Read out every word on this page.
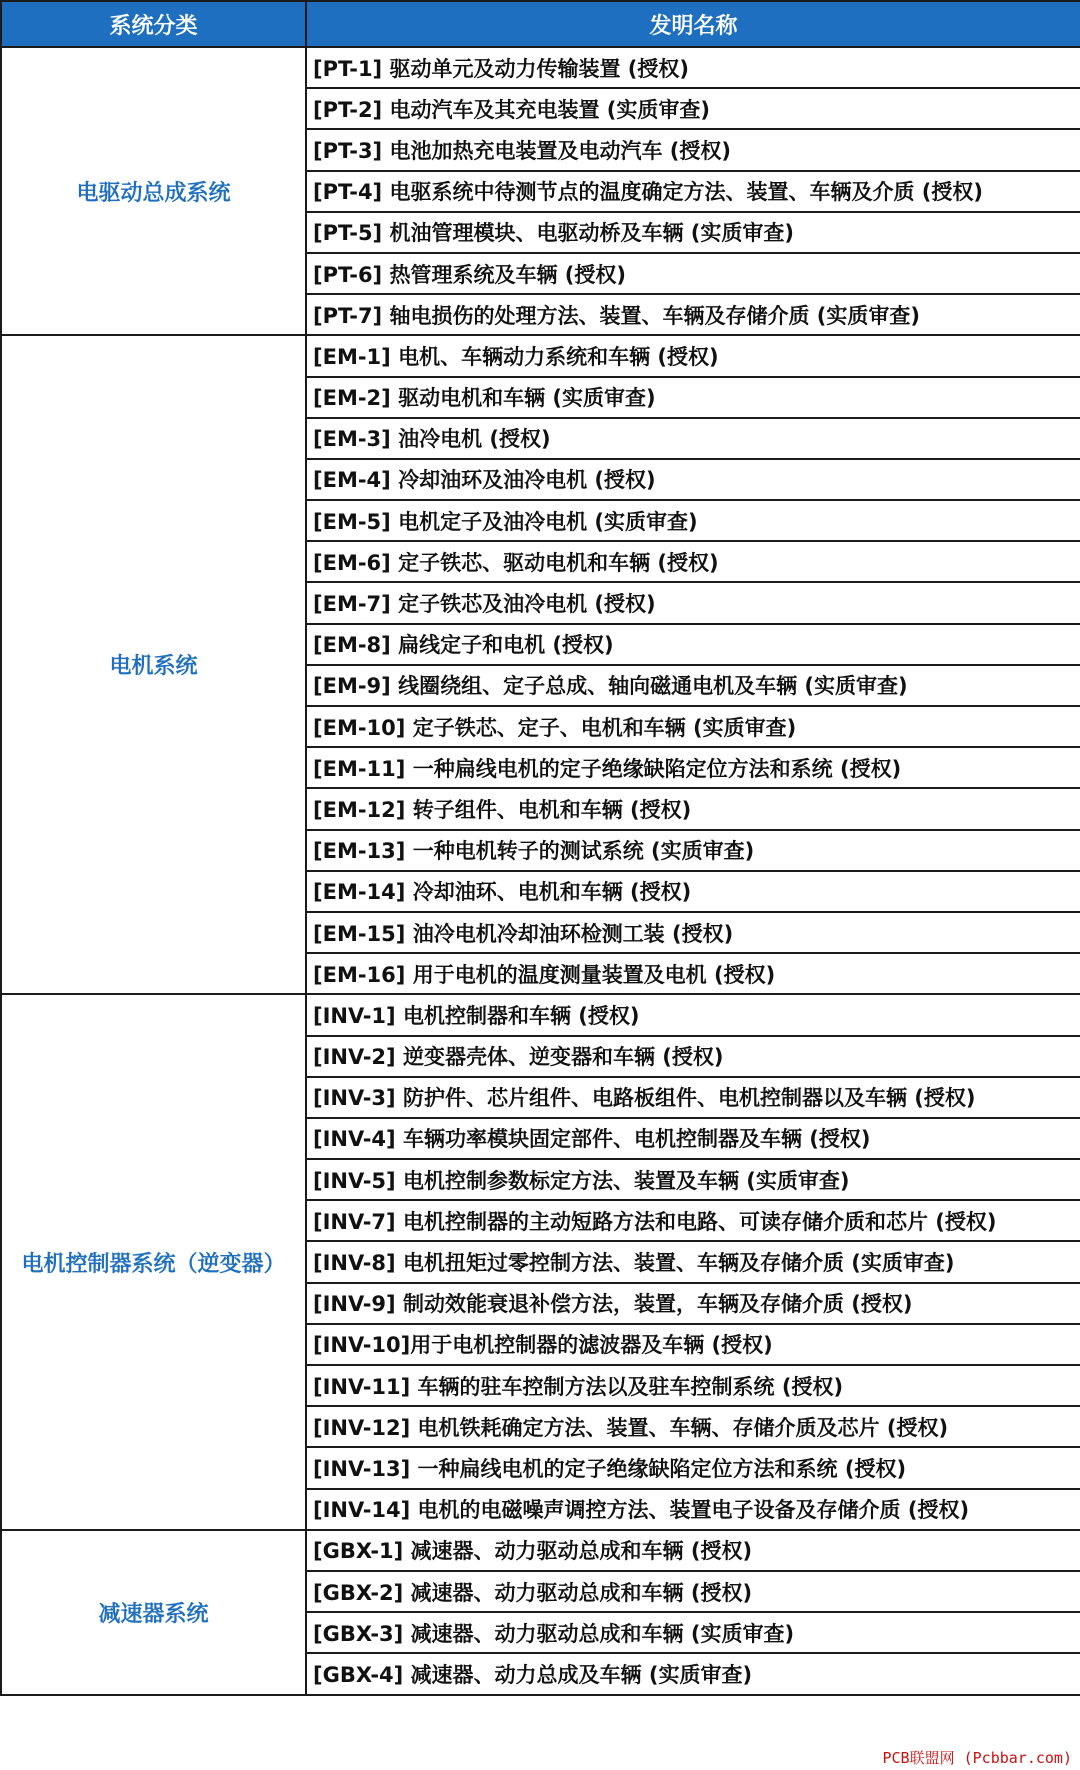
系统分类	发明名称
电驱动总成系统	[PT-1] 驱动单元及动力传输装置 (授权)
	[PT-2] 电动汽车及其充电装置 (实质审查)
	[PT-3] 电池加热充电装置及电动汽车 (授权)
	[PT-4] 电驱系统中待测节点的温度确定方法、装置、车辆及介质 (授权)
	[PT-5] 机油管理模块、电驱动桥及车辆 (实质审查)
	[PT-6] 热管理系统及车辆 (授权)
	[PT-7] 轴电损伤的处理方法、装置、车辆及存储介质 (实质审查)
电机系统	[EM-1] 电机、车辆动力系统和车辆 (授权)
	[EM-2] 驱动电机和车辆 (实质审查)
	[EM-3] 油冷电机 (授权)
	[EM-4] 冷却油环及油冷电机 (授权)
	[EM-5] 电机定子及油冷电机 (实质审查)
	[EM-6] 定子铁芯、驱动电机和车辆 (授权)
	[EM-7] 定子铁芯及油冷电机 (授权)
	[EM-8] 扁线定子和电机 (授权)
	[EM-9] 线圈绕组、定子总成、轴向磁通电机及车辆 (实质审查)
	[EM-10] 定子铁芯、定子、电机和车辆 (实质审查)
	[EM-11] 一种扁线电机的定子绝缘缺陷定位方法和系统 (授权)
	[EM-12] 转子组件、电机和车辆 (授权)
	[EM-13] 一种电机转子的测试系统 (实质审查)
	[EM-14] 冷却油环、电机和车辆 (授权)
	[EM-15] 油冷电机冷却油环检测工装 (授权)
	[EM-16] 用于电机的温度测量装置及电机 (授权)
电机控制器系统（逆变器）	[INV-1] 电机控制器和车辆 (授权)
	[INV-2] 逆变器壳体、逆变器和车辆 (授权)
	[INV-3] 防护件、芯片组件、电路板组件、电机控制器以及车辆 (授权)
	[INV-4] 车辆功率模块固定部件、电机控制器及车辆 (授权)
	[INV-5] 电机控制参数标定方法、装置及车辆 (实质审查)
	[INV-7] 电机控制器的主动短路方法和电路、可读存储介质和芯片 (授权)
	[INV-8] 电机扭矩过零控制方法、装置、车辆及存储介质 (实质审查)
	[INV-9] 制动效能衰退补偿方法，装置，车辆及存储介质 (授权)
	[INV-10]用于电机控制器的滤波器及车辆 (授权)
	[INV-11] 车辆的驻车控制方法以及驻车控制系统 (授权)
	[INV-12] 电机铁耗确定方法、装置、车辆、存储介质及芯片 (授权)
	[INV-13] 一种扁线电机的定子绝缘缺陷定位方法和系统 (授权)
	[INV-14] 电机的电磁噪声调控方法、装置电子设备及存储介质 (授权)
减速器系统	[GBX-1] 减速器、动力驱动总成和车辆 (授权)
	[GBX-2] 减速器、动力驱动总成和车辆 (授权)
	[GBX-3] 减速器、动力驱动总成和车辆 (实质审查)
	[GBX-4] 减速器、动力总成及车辆 (实质审查)
PCB联盟网 (Pcbbar.com)
